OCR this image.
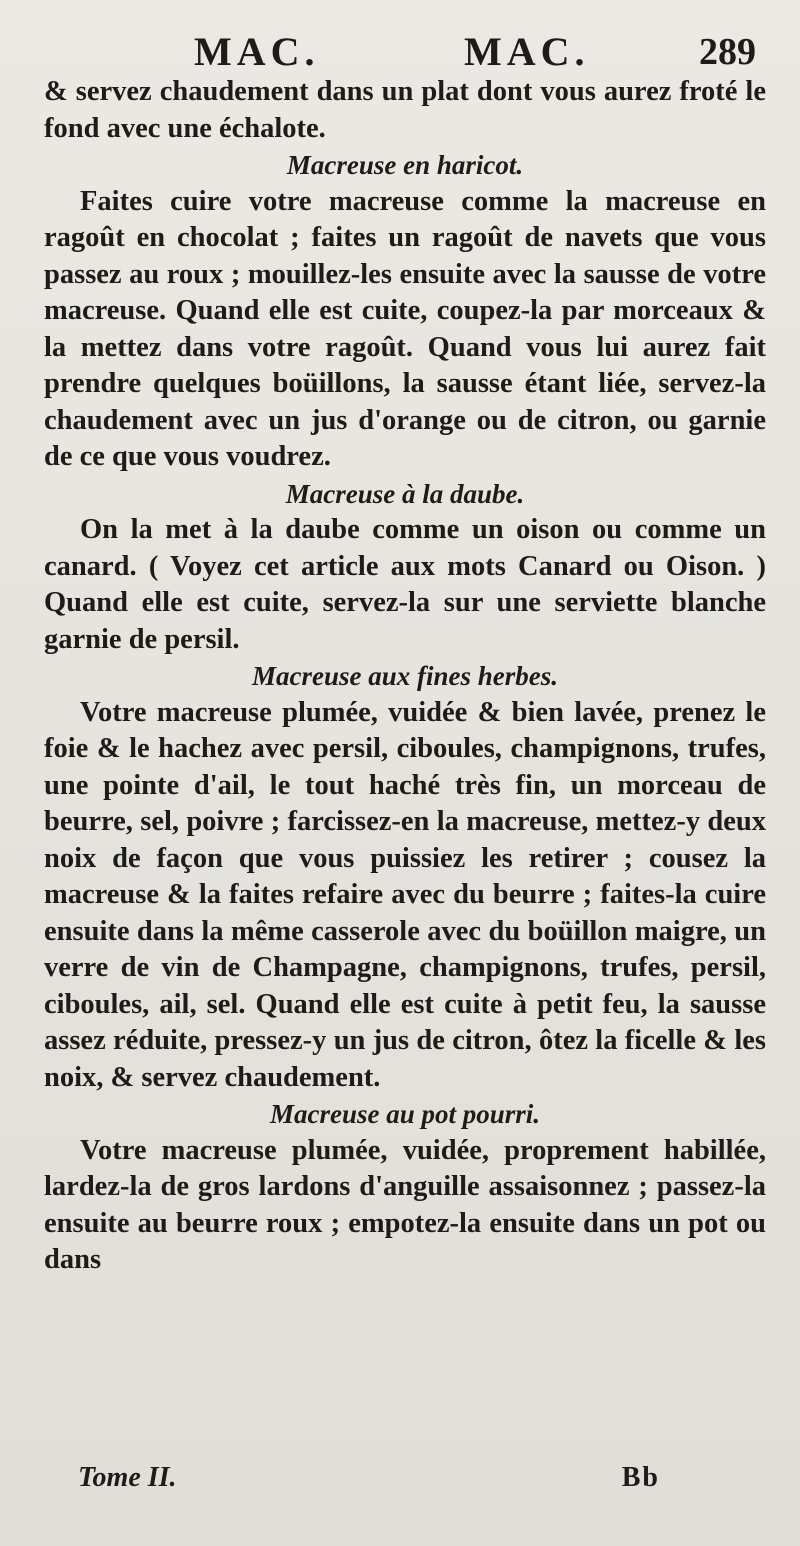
MAC.	MAC.	289

& servez chaudement dans un plat dont vous aurez froté le fond avec une échalote.

Macreuse en haricot.

Faites cuire votre macreuse comme la macreuse en ragoût en chocolat ; faites un ragoût de navets que vous passez au roux ; mouillez-les ensuite avec la sausse de votre macreuse. Quand elle est cuite, coupez-la par morceaux & la mettez dans votre ragoût. Quand vous lui aurez fait prendre quelques boüillons, la sausse étant liée, servez-la chaudement avec un jus d'orange ou de citron, ou garnie de ce que vous voudrez.

Macreuse à la daube.

On la met à la daube comme un oison ou comme un canard. ( Voyez cet article aux mots Canard ou Oison. ) Quand elle est cuite, servez-la sur une serviette blanche garnie de persil.

Macreuse aux fines herbes.

Votre macreuse plumée, vuidée & bien lavée, prenez le foie & le hachez avec persil, ciboules, champignons, trufes, une pointe d'ail, le tout haché très fin, un morceau de beurre, sel, poivre ; farcissez-en la macreuse, mettez-y deux noix de façon que vous puissiez les retirer ; cousez la macreuse & la faites refaire avec du beurre ; faites-la cuire ensuite dans la même casserole avec du boüillon maigre, un verre de vin de Champagne, champignons, trufes, persil, ciboules, ail, sel. Quand elle est cuite à petit feu, la sausse assez réduite, pressez-y un jus de citron, ôtez la ficelle & les noix, & servez chaudement.

Macreuse au pot pourri.

Votre macreuse plumée, vuidée, proprement habillée, lardez-la de gros lardons d'anguille assaisonnez ; passez-la ensuite au beurre roux ; empotez-la ensuite dans un pot ou dans

Tome II.	Bb
